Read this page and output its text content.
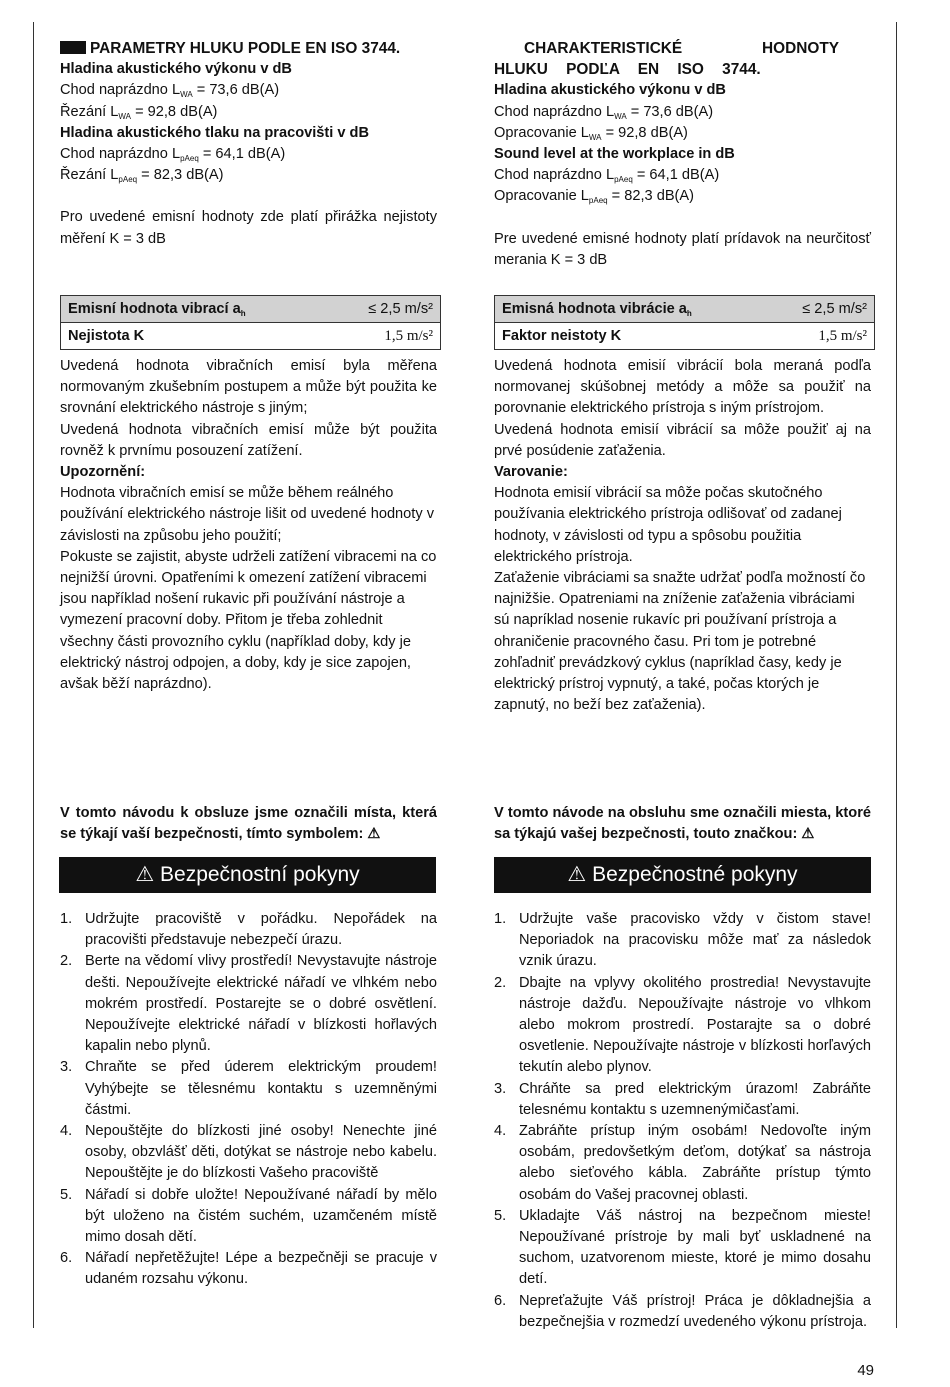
PARAMETRY HLUKU PODLE EN ISO 3744.
Hladina akustického výkonu v dB
Chod naprázdno $L_{WA} = 73,6$ dB(A)
Řezání $L_{WA} = 92,8$ dB(A)
Hladina akustického tlaku na pracovišti v dB
Chod naprázdno $L_{pAeq} = 64,1$ dB(A)
Řezání $L_{pAeq} = 82,3$ dB(A)

Pro uvedené emisní hodnoty zde platí přirážka nejistoty měření K = 3 dB

CHARAKTERISTICKÉ HODNOTY HLUKU PODĽA EN ISO 3744.
Hladina akustického výkonu v dB
Chod naprázdno $L_{WA} = 73,6$ dB(A)
Opracovanie $L_{WA} = 92,8$ dB(A)
Sound level at the workplace in dB
Chod naprázdno $L_{pAeq} = 64,1$ dB(A)
Opracovanie $L_{pAeq} = 82,3$ dB(A)

Pre uvedené emisné hodnoty platí prídavok na neurčitosť merania K = 3 dB

Emisní hodnota vibrací $a_h$	≤ 2,5 m/s²
Nejistota K	1,5 m/s²
Emisná hodnota vibrácie $a_h$	≤ 2,5 m/s²
Faktor neistoty K	1,5 m/s²

Uvedená hodnota vibračních emisí byla měřena normovaným zkušebním postupem a může být použita ke srovnání elektrického nástroje s jiným;

Uvedená hodnota vibračních emisí může být použita rovněž k prvnímu posouzení zatížení.

Upozornění:

Hodnota vibračních emisí se může během reálného používání elektrického nástroje lišit od uvedené hodnoty v závislosti na způsobu jeho použití;

Pokuste se zajistit, abyste udrželi zatížení vibracemi na co nejnižší úrovni. Opatřeními k omezení zatížení vibracemi jsou například nošení rukavic při používání nástroje a vymezení pracovní doby. Přitom je třeba zohlednit všechny části provozního cyklu (například doby, kdy je elektrický nástroj odpojen, a doby, kdy je sice zapojen, avšak běží naprázdno).

Uvedená hodnota emisií vibrácií bola meraná podľa normovanej skúšobnej metódy a môže sa použiť na porovnanie elektrického prístroja s iným prístrojom.

Uvedená hodnota emisií vibrácií sa môže použiť aj na prvé posúdenie zaťaženia.

Varovanie:

Hodnota emisií vibrácií sa môže počas skutočného používania elektrického prístroja odlišovať od zadanej hodnoty, v závislosti od typu a spôsobu použitia elektrického prístroja.

Zaťaženie vibráciami sa snažte udržať podľa možností čo najnižšie. Opatreniami na zníženie zaťaženia vibráciami sú napríklad nosenie rukavíc pri používaní prístroja a ohraničenie pracovného času. Pri tom je potrebné zohľadniť prevádzkový cyklus (napríklad časy, kedy je elektrický prístroj vypnutý, a také, počas ktorých je zapnutý, no beží bez zaťaženia).

V tomto návodu k obsluze jsme označili místa, která se týkají vaší bezpečnosti, tímto symbolem: ⚠
V tomto návode na obsluhu sme označili miesta, ktoré sa týkajú vašej bezpečnosti, touto značkou: ⚠
⚠ Bezpečnostní pokyny	⚠ Bezpečnostné pokyny
1. Udržujte pracoviště v pořádku. Nepořádek na pracovišti představuje nebezpečí úrazu.
2. Berte na vědomí vlivy prostředí! Nevystavujte nástroje dešti. Nepoužívejte elektrické nářadí ve vlhkém nebo mokrém prostředí. Postarejte se o dobré osvětlení. Nepoužívejte elektrické nářadí v blízkosti hořlavých kapalin nebo plynů.
3. Chraňte se před úderem elektrickým proudem! Vyhýbejte se tělesnému kontaktu s uzemněnými částmi.
4. Nepouštějte do blízkosti jiné osoby! Nenechte jiné osoby, obzvlášť děti, dotýkat se nástroje nebo kabelu. Nepouštějte je do blízkosti Vašeho pracoviště
5. Nářadí si dobře uložte! Nepoužívané nářadí by mělo být uloženo na čistém suchém, uzamčeném místě mimo dosah dětí.
6. Nářadí nepřetěžujte! Lépe a bezpečněji se pracuje v udaném rozsahu výkonu.
1. Udržujte vaše pracovisko vždy v čistom stave! Neporiadok na pracovisku môže mať za následok vznik úrazu.
2. Dbajte na vplyvy okolitého prostredia! Nevystavujte nástroje dažďu. Nepoužívajte nástroje vo vlhkom alebo mokrom prostredí. Postarajte sa o dobré osvetlenie. Nepoužívajte nástroje v blízkosti horľavých tekutín alebo plynov.
3. Chráňte sa pred elektrickým úrazom! Zabráňte telesnému kontaktu s uzemnenýmičasťami.
4. Zabráňte prístup iným osobám! Nedovoľte iným osobám, predovšetkým deťom, dotýkať sa nástroja alebo sieťového kábla. Zabráňte prístup týmto osobám do Vašej pracovnej oblasti.
5. Ukladajte Váš nástroj na bezpečnom mieste! Nepoužívané prístroje by mali byť uskladnené na suchom, uzatvorenom mieste, ktoré je mimo dosahu detí.
6. Nepreťažujte Váš prístroj! Práca je dôkladnejšia a bezpečnejšia v rozmedzí uvedeného výkonu prístroja.
49
